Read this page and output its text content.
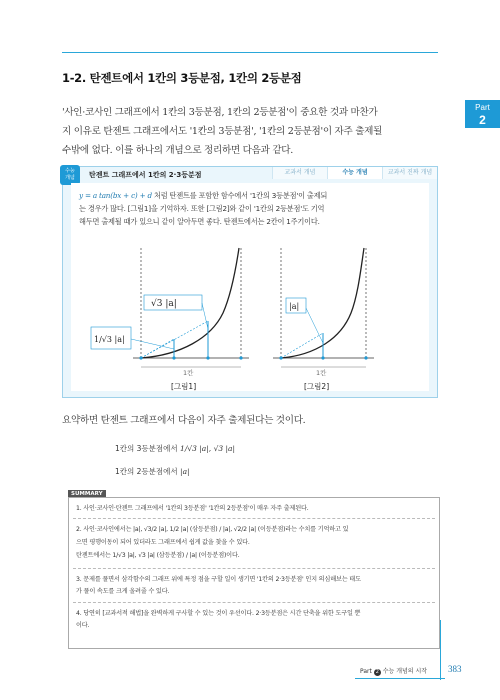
1-2. 탄젠트에서 1칸의 3등분점, 1칸의 2등분점
Part
2

'사인·코사인 그래프에서 1칸의 3등분점, 1칸의 2등분점'이 중요한 것과 마찬가

지 이유로 탄젠트 그래프에서도 '1칸의 3등분점', '1칸의 2등분점'이 자주 출제될

수밖에 없다. 이를 하나의 개념으로 정리하면 다음과 같다.

수능
개념	탄젠트 그래프에서 1칸의 2·3등분점	교과서 개념	수능 개념	교과서 진짜 개념
y = a tan(bx + c) + d 처럼 탄젠트를 포함한 함수에서 '1칸의 3등분점'이 출제되
는 경우가 많다. [그림1]을 기억하자. 또한 [그림2]와 같이 '1칸의 2등분점'도 기억
해두면 출제될 때가 있으니 같이 알아두면 좋다. 탄젠트에서는 2칸이 1주기이다.
√3 |a|
1/√3 |a|
1칸
[그림1]
|a|
1칸
[그림2]
요약하면 탄젠트 그래프에서 다음이 자주 출제된다는 것이다.
1칸의 3등분점에서 1/√3 |a|, √3 |a|
1칸의 2등분점에서 |a|
SUMMARY
1. 사인·코사인·탄젠트 그래프에서 '1칸의 3등분점' '1칸의 2등분점'이 매우 자주 출제된다.
2. 사인·코사인에서는 |a|, √3/2 |a|, 1/2 |a| (삼등분점) / |a|, √2/2 |a| (이등분점)라는 수치를 기억하고 있
으면 평행이동이 되어 있더라도 그래프에서 쉽게 값을 찾을 수 있다.
탄젠트에서는 1/√3 |a|, √3 |a| (삼등분점) / |a| (이등분점)이다.
3. 문제를 풀면서 삼각함수의 그래프 위에 특정 점을 구할 일이 생기면 '1칸의 2·3등분점' 인지 의심해보는 태도
가 풀이 속도를 크게 올려줄 수 있다.
4. 당연히 [교과서적 해법]을 완벽하게 구사할 수 있는 것이 우선이다. 2·3등분점은 시간 단축을 위한 도구일 뿐
이다.
Part 2 수능 개념의 시작 383
